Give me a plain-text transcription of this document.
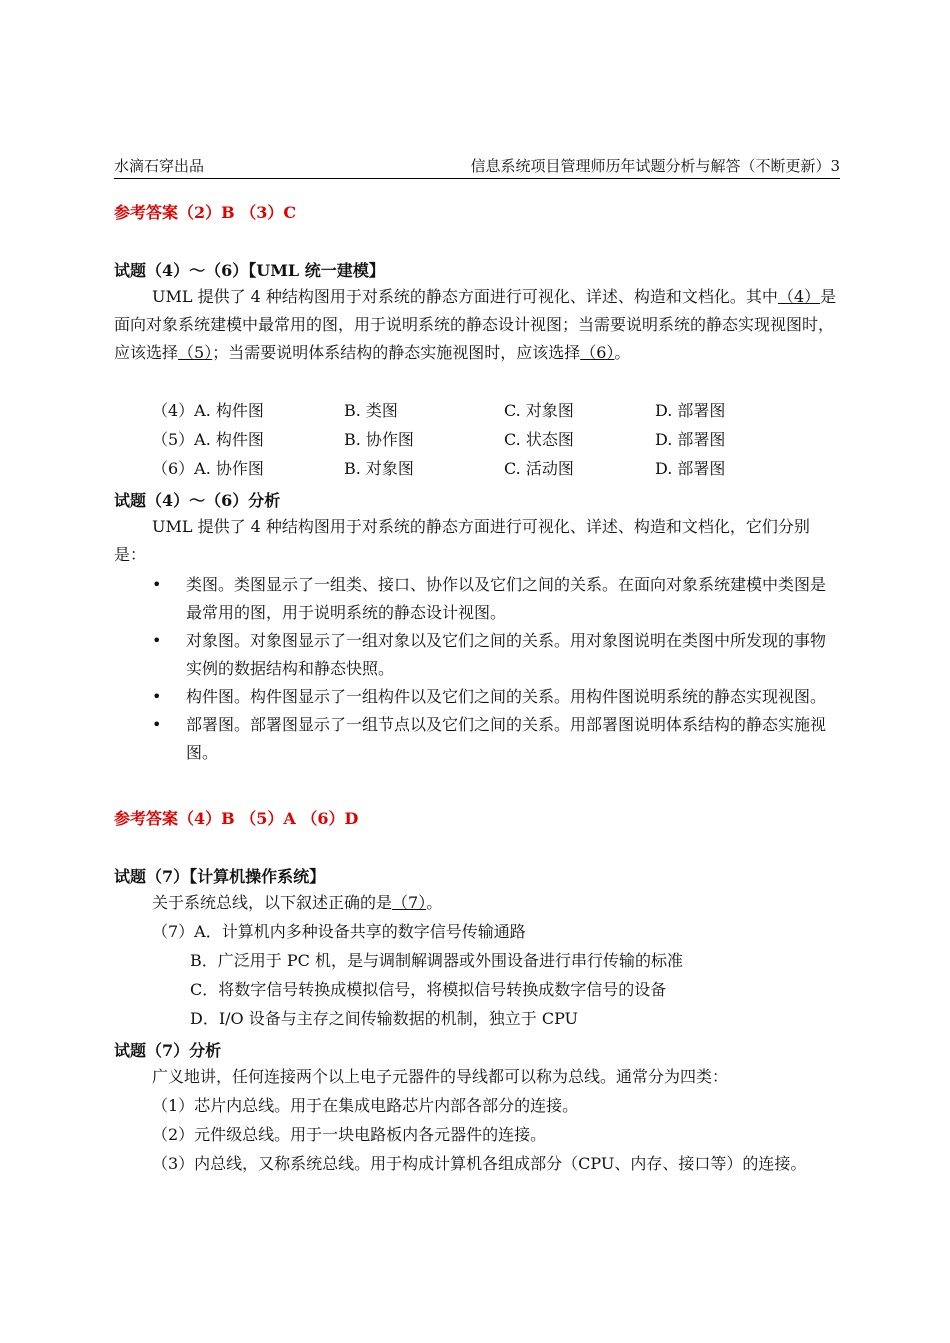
水滴石穿出品	信息系统项目管理师历年试题分析与解答（不断更新）3
参考答案（2）B （3）C
试题（4）～（6）【UML 统一建模】
UML 提供了 4 种结构图用于对系统的静态方面进行可视化、详述、构造和文档化。其中（4）是面向对象系统建模中最常用的图，用于说明系统的静态设计视图；当需要说明系统的静态实现视图时，应该选择（5）；当需要说明体系结构的静态实施视图时，应该选择（6）。
（4）A. 构件图	B. 类图	C. 对象图	D. 部署图
（5）A. 构件图	B. 协作图	C. 状态图	D. 部署图
（6）A. 协作图	B. 对象图	C. 活动图	D. 部署图
试题（4）～（6）分析
UML 提供了 4 种结构图用于对系统的静态方面进行可视化、详述、构造和文档化，它们分别是：

• 类图。类图显示了一组类、接口、协作以及它们之间的关系。在面向对象系统建模中类图是最常用的图，用于说明系统的静态设计视图。

• 对象图。对象图显示了一组对象以及它们之间的关系。用对象图说明在类图中所发现的事物实例的数据结构和静态快照。

• 构件图。构件图显示了一组构件以及它们之间的关系。用构件图说明系统的静态实现视图。

• 部署图。部署图显示了一组节点以及它们之间的关系。用部署图说明体系结构的静态实施视图。

参考答案（4）B （5）A （6）D
试题（7）【计算机操作系统】
关于系统总线，以下叙述正确的是（7）。
（7）A．计算机内多种设备共享的数字信号传输通路
B．广泛用于 PC 机，是与调制解调器或外围设备进行串行传输的标准
C．将数字信号转换成模拟信号，将模拟信号转换成数字信号的设备
D．I/O 设备与主存之间传输数据的机制，独立于 CPU
试题（7）分析
广义地讲，任何连接两个以上电子元器件的导线都可以称为总线。通常分为四类：
（1）芯片内总线。用于在集成电路芯片内部各部分的连接。
（2）元件级总线。用于一块电路板内各元器件的连接。
（3）内总线，又称系统总线。用于构成计算机各组成部分（CPU、内存、接口等）的连接。
